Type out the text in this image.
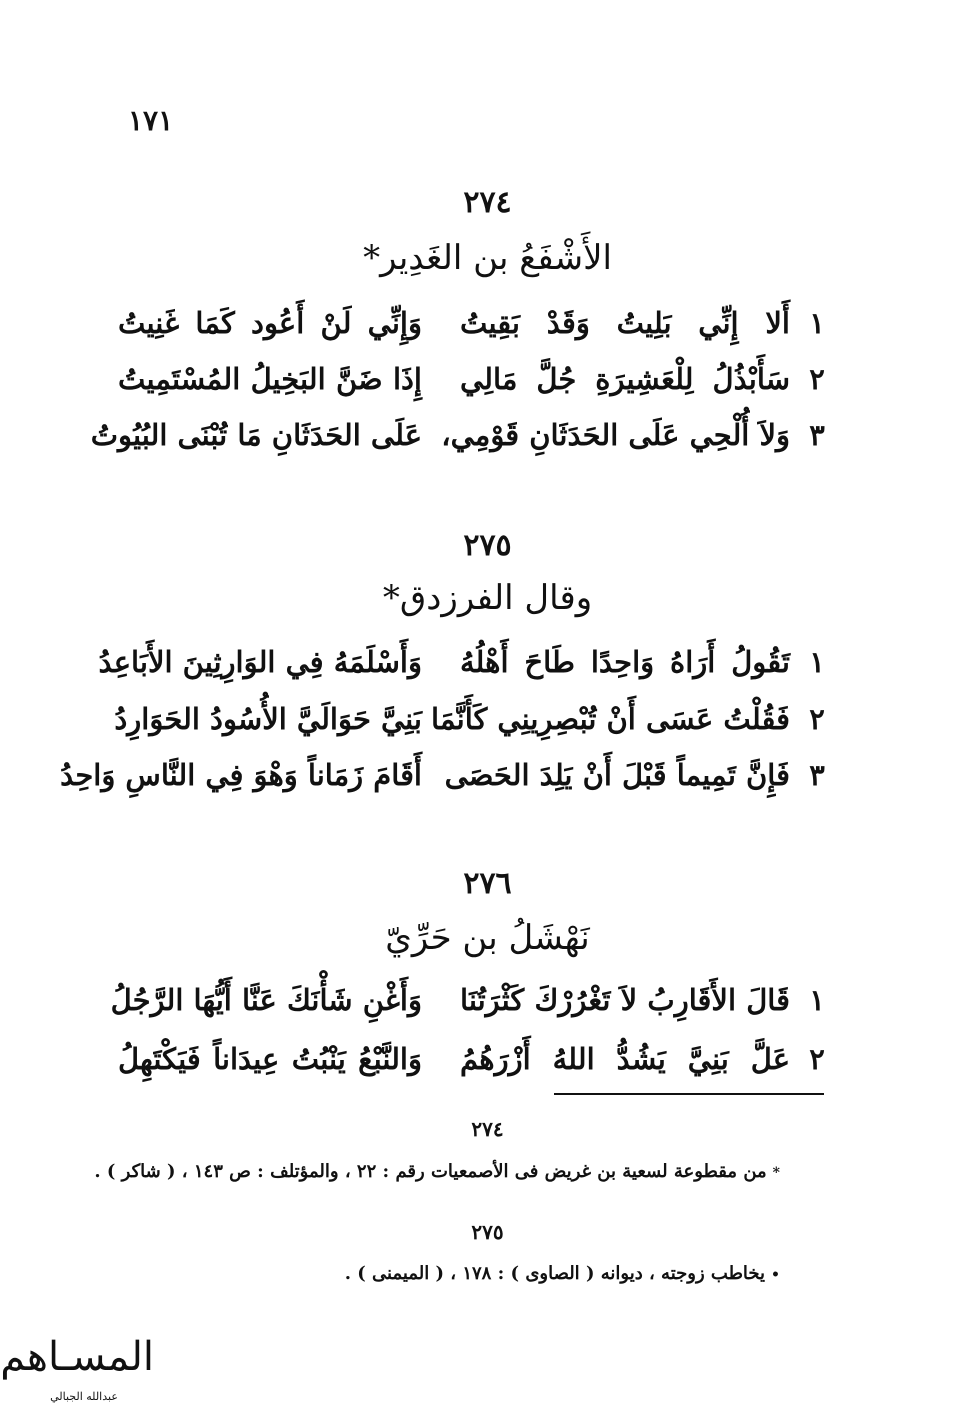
١٧١
٢٧٤
الأَشْفَعُ بن الغَدِير*
١
أَلا إِنِّي بَلِيتُ وَقَدْ بَقِيتُ
وَإِنِّي لَنْ أَعُود كَمَا غَنِيتُ
٢
سَأَبْذُلُ لِلْعَشِيرَةِ جُلَّ مَالِي
إِذَا ضَنَّ البَخِيلُ المُسْتَمِيتُ
٣
وَلاَ أُلْحِي عَلَى الحَدَثَانِ قَوْمِي،
عَلَى الحَدَثَانِ مَا تُبْنَى البُيُوتُ
٢٧٥
وقال الفرزدق*
١
تَقُولُ أَرَاهُ وَاحِدًا طَاحَ أَهْلُهُ
وَأَسْلَمَهُ فِي الوَارِثِينَ الأَبَاعِدُ
٢
فَقُلْتُ عَسَى أَنْ تُبْصِرِينِي كَأَنَّمَا
بَنِيَّ حَوَالَيَّ الأُسُودُ الحَوَارِدُ
٣
فَإِنَّ تَمِيماً قَبْلَ أَنْ يَلِدَ الحَصَى
أَقَامَ زَمَاناً وَهْوَ فِي النَّاسِ وَاحِدُ
٢٧٦
نَهْشَلُ بن حَرِّيّ
١
قَالَ الأَقَارِبُ لاَ تَغْرُرْكَ كَثْرَتُنَا
وَأَغْنِ شَأْنَكَ عَنَّا أَيُّهَا الرَّجُلُ
٢
عَلَّ بَنِيَّ يَشُدُّ اللهُ أَزْرَهُمُ
وَالنَّبْعُ يَنْبُتُ عِيدَاناً فَيَكْتَهِلُ
٢٧٤
*من مقطوعة لسعية بن غريض فى الأصمعيات رقم : ٢٢ ، والمؤتلف : ص ١٤٣ ، ( شاكر ) .
٢٧٥
•يخاطب زوجته ، ديوانه ( الصاوى ) : ١٧٨ ، ( الميمنى ) .
المسـاهم
عبدالله الجبالي
